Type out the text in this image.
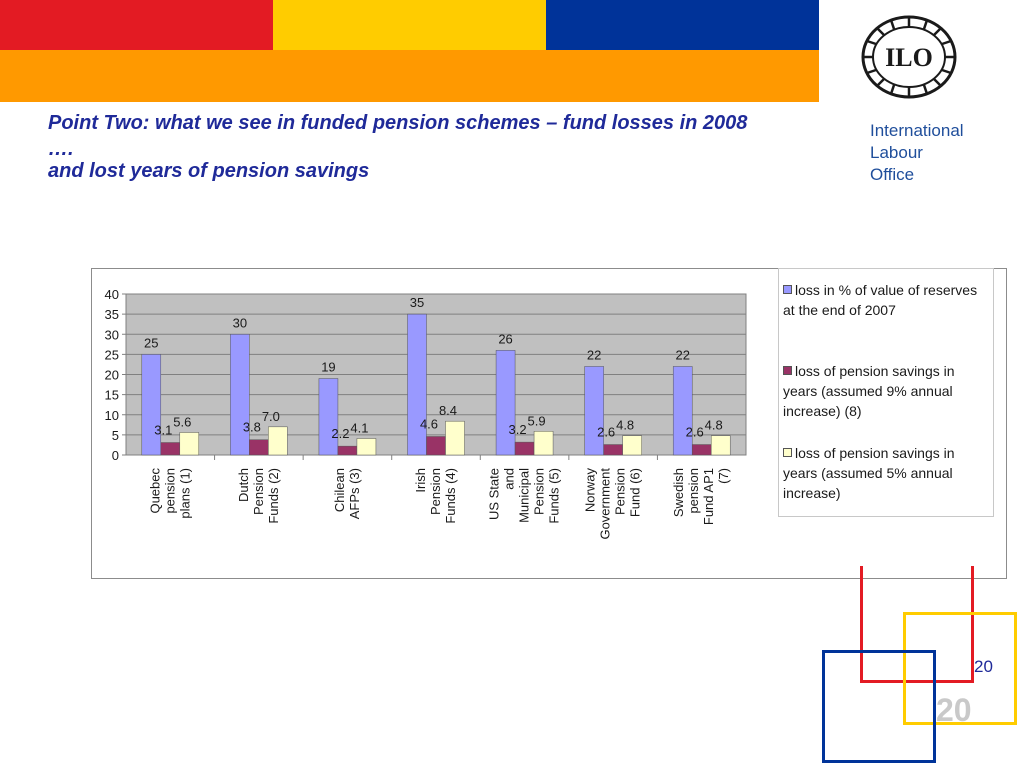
ILO
Point Two: what we see in funded pension schemes – fund losses in 2008
….
and lost years of pension savings
International
Labour
Office
0
5
10
15
20
25
30
35
40
25
3.1
5.6
Quebecpensionplans (1)
30
3.8
7.0
DutchPensionFunds (2)
19
2.2 4.1
ChileanAFPs (3)
35
4.6
8.4
IrishPensionFunds (4)
26
3.2
5.9
US StateandMunicipalPensionFunds (5)
22
2.6 4.8
NorwayGovernmentPensionFund (6)
22
2.6 4.8
SwedishpensionFund AP1(7)
loss in % of value of reserves at the end of 2007
loss of pension savings in years (assumed 9% annual increase) (8)
loss of pension savings in years (assumed 5% annual increase)
20
20
